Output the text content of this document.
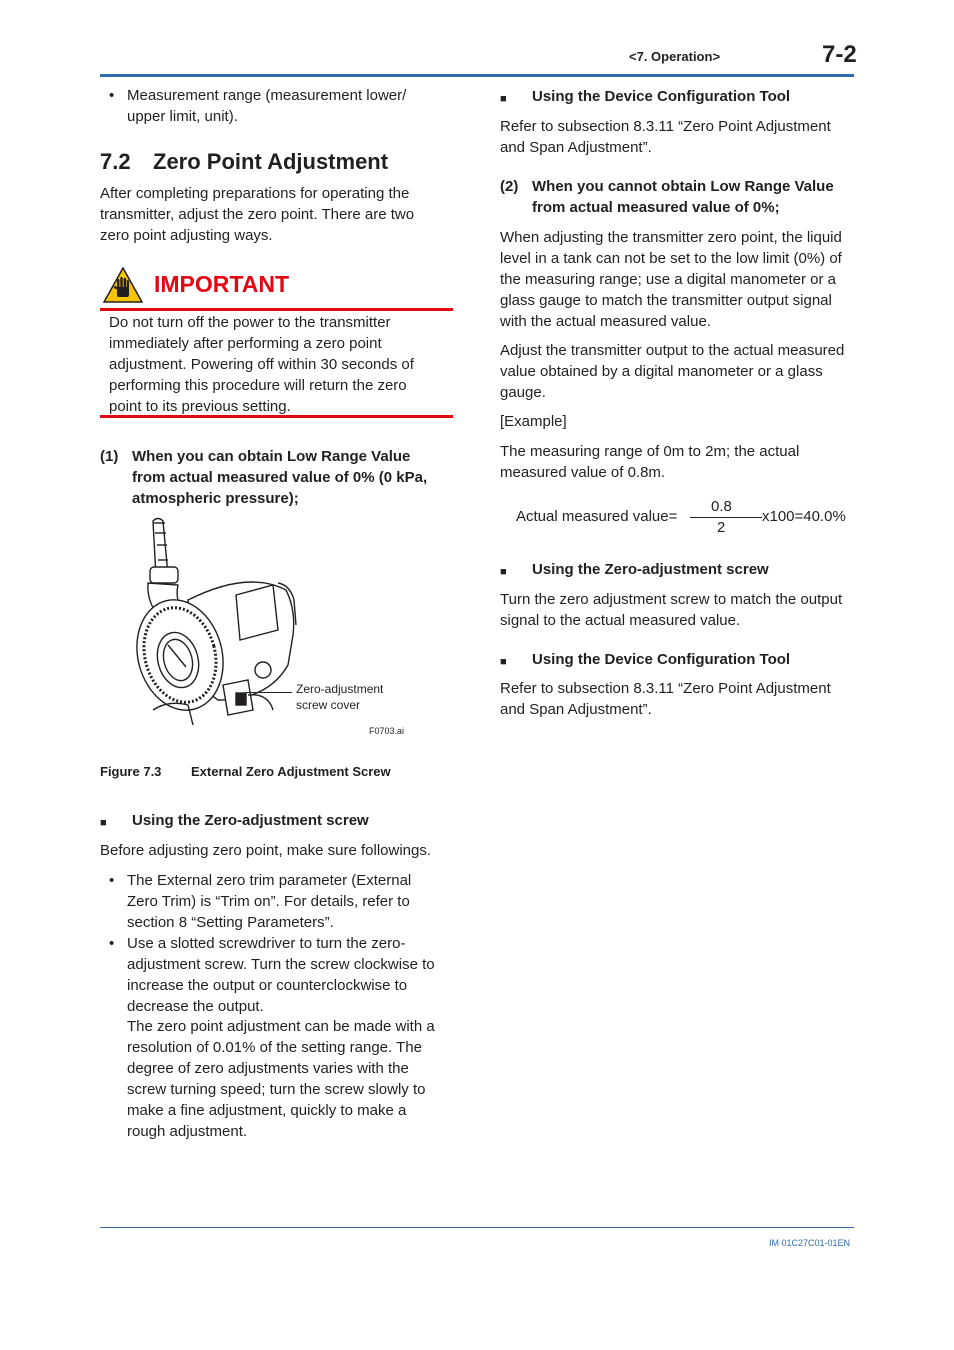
<7. Operation>	7-2
• Measurement range (measurement lower/ upper limit, unit).
7.2 Zero Point Adjustment
After completing preparations for operating the transmitter, adjust the zero point. There are two zero point adjusting ways.
IMPORTANT
Do not turn off the power to the transmitter immediately after performing a zero point adjustment. Powering off within 30 seconds of performing this procedure will return the zero point to its previous setting.
(1) When you can obtain Low Range Value from actual measured value of 0% (0 kPa, atmospheric pressure);
Zero-adjustment
screw cover
F0703.ai
Figure 7.3 External Zero Adjustment Screw
■ Using the Zero-adjustment screw
Before adjusting zero point, make sure followings.
• The External zero trim parameter (External Zero Trim) is “Trim on”. For details, refer to section 8 “Setting Parameters”.
• Use a slotted screwdriver to turn the zero-adjustment screw. Turn the screw clockwise to increase the output or counterclockwise to decrease the output.
The zero point adjustment can be made with a resolution of 0.01% of the setting range. The degree of zero adjustments varies with the screw turning speed; turn the screw slowly to make a fine adjustment, quickly to make a rough adjustment.
■ Using the Device Configuration Tool
Refer to subsection 8.3.11 “Zero Point Adjustment and Span Adjustment”.
(2) When you cannot obtain Low Range Value from actual measured value of 0%;
When adjusting the transmitter zero point, the liquid level in a tank can not be set to the low limit (0%) of the measuring range; use a digital manometer or a glass gauge to match the transmitter output signal with the actual measured value.
Adjust the transmitter output to the actual measured value obtained by a digital manometer or a glass gauge.
[Example]
The measuring range of 0m to 2m; the actual measured value of 0.8m.
Actual measured value=
0.8
2
x100=40.0%
■ Using the Zero-adjustment screw
Turn the zero adjustment screw to match the output signal to the actual measured value.
■ Using the Device Configuration Tool
Refer to subsection 8.3.11 “Zero Point Adjustment and Span Adjustment”.
IM 01C27C01-01EN
